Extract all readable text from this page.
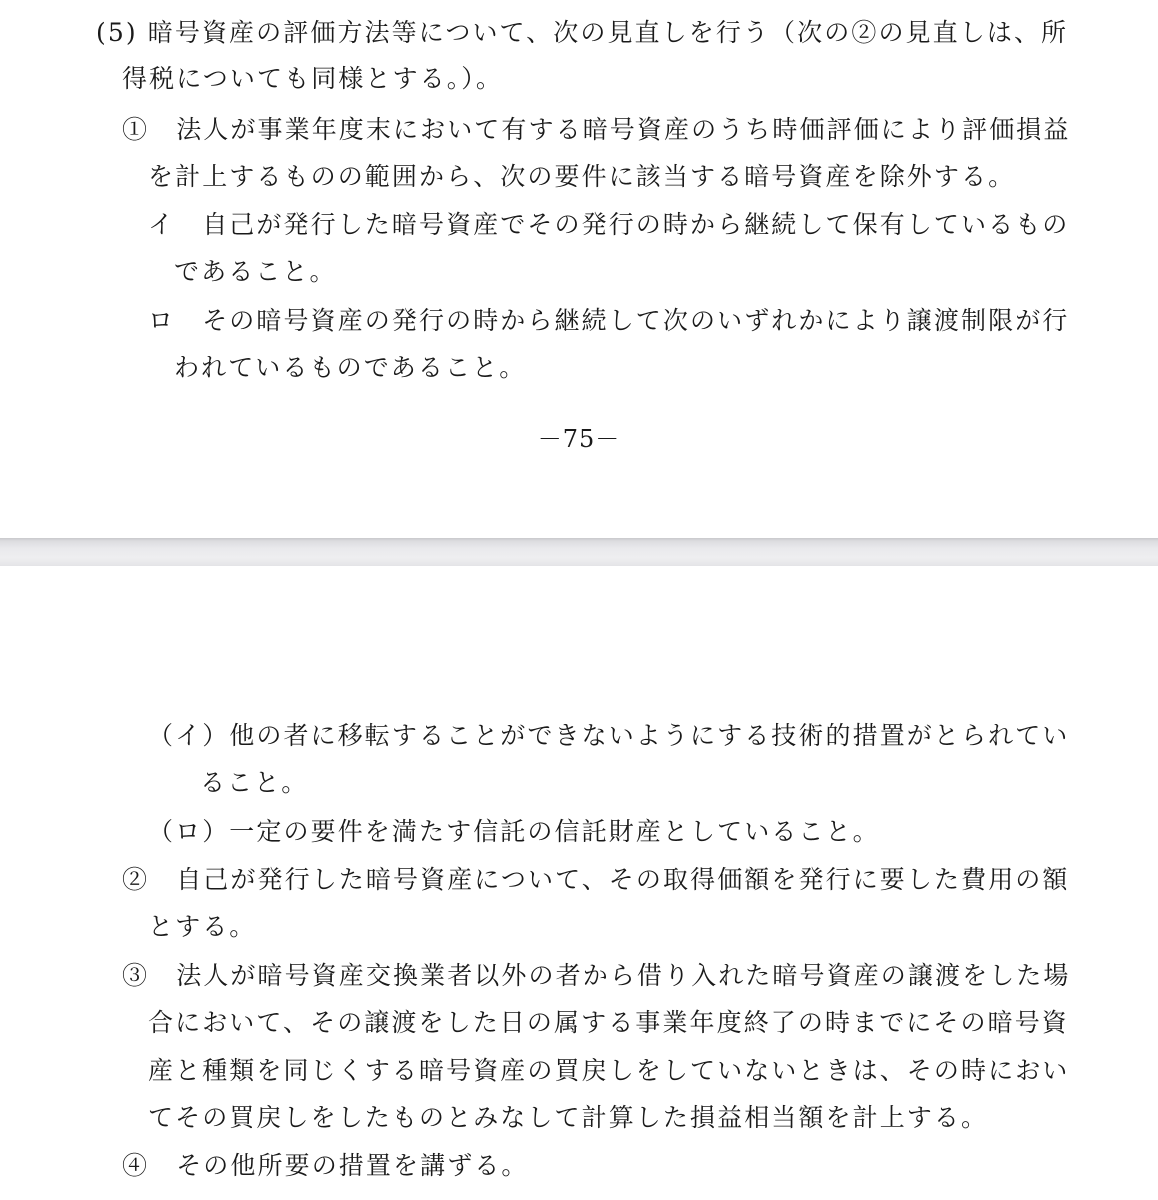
(5) 暗号資産の評価方法等について、次の見直しを行う（次の②の見直しは、所

得税についても同様とする。）。

①　法人が事業年度末において有する暗号資産のうち時価評価により評価損益

を計上するものの範囲から、次の要件に該当する暗号資産を除外する。

イ　自己が発行した暗号資産でその発行の時から継続して保有しているもの

であること。

ロ　その暗号資産の発行の時から継続して次のいずれかにより譲渡制限が行

われているものであること。

－75－

（イ）他の者に移転することができないようにする技術的措置がとられてい

ること。

（ロ）一定の要件を満たす信託の信託財産としていること。

②　自己が発行した暗号資産について、その取得価額を発行に要した費用の額

とする。

③　法人が暗号資産交換業者以外の者から借り入れた暗号資産の譲渡をした場

合において、その譲渡をした日の属する事業年度終了の時までにその暗号資

産と種類を同じくする暗号資産の買戻しをしていないときは、その時におい

てその買戻しをしたものとみなして計算した損益相当額を計上する。

④　その他所要の措置を講ずる。
